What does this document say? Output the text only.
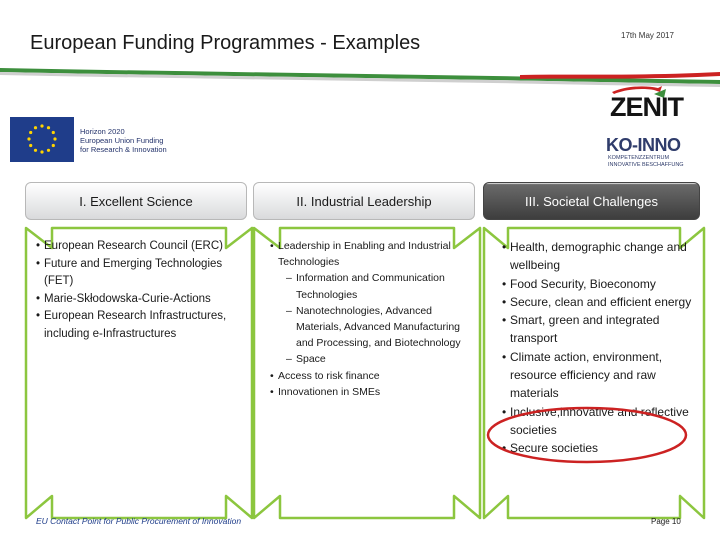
European Funding Programmes - Examples	17th May 2017
Horizon 2020
European Union Funding
for Research & Innovation
ZENIT
KO-INNO
KOMPETENZZENTRUM
INNOVATIVE BESCHAFFUNG
I. Excellent Science	II. Industrial Leadership	III. Societal Challenges
• European Research Council (ERC)
• Future and Emerging Technologies (FET)
• Marie-Skłodowska-Curie-Actions
• European Research Infrastructures, including e-Infrastructures
• Leadership in Enabling and Industrial Technologies
– Information and Communication Technologies
– Nanotechnologies, Advanced Materials, Advanced Manufacturing and Processing, and Biotechnology
– Space
• Access to risk finance
• Innovationen in SMEs
• Health, demographic change and wellbeing
• Food Security, Bioeconomy
• Secure, clean and efficient energy
• Smart, green and integrated transport
• Climate action, environment, resource efficiency and raw materials
• Inclusive,innovative and reflective societies
• Secure societies
EU Contact Point for Public Procurement of Innovation	Page 10
